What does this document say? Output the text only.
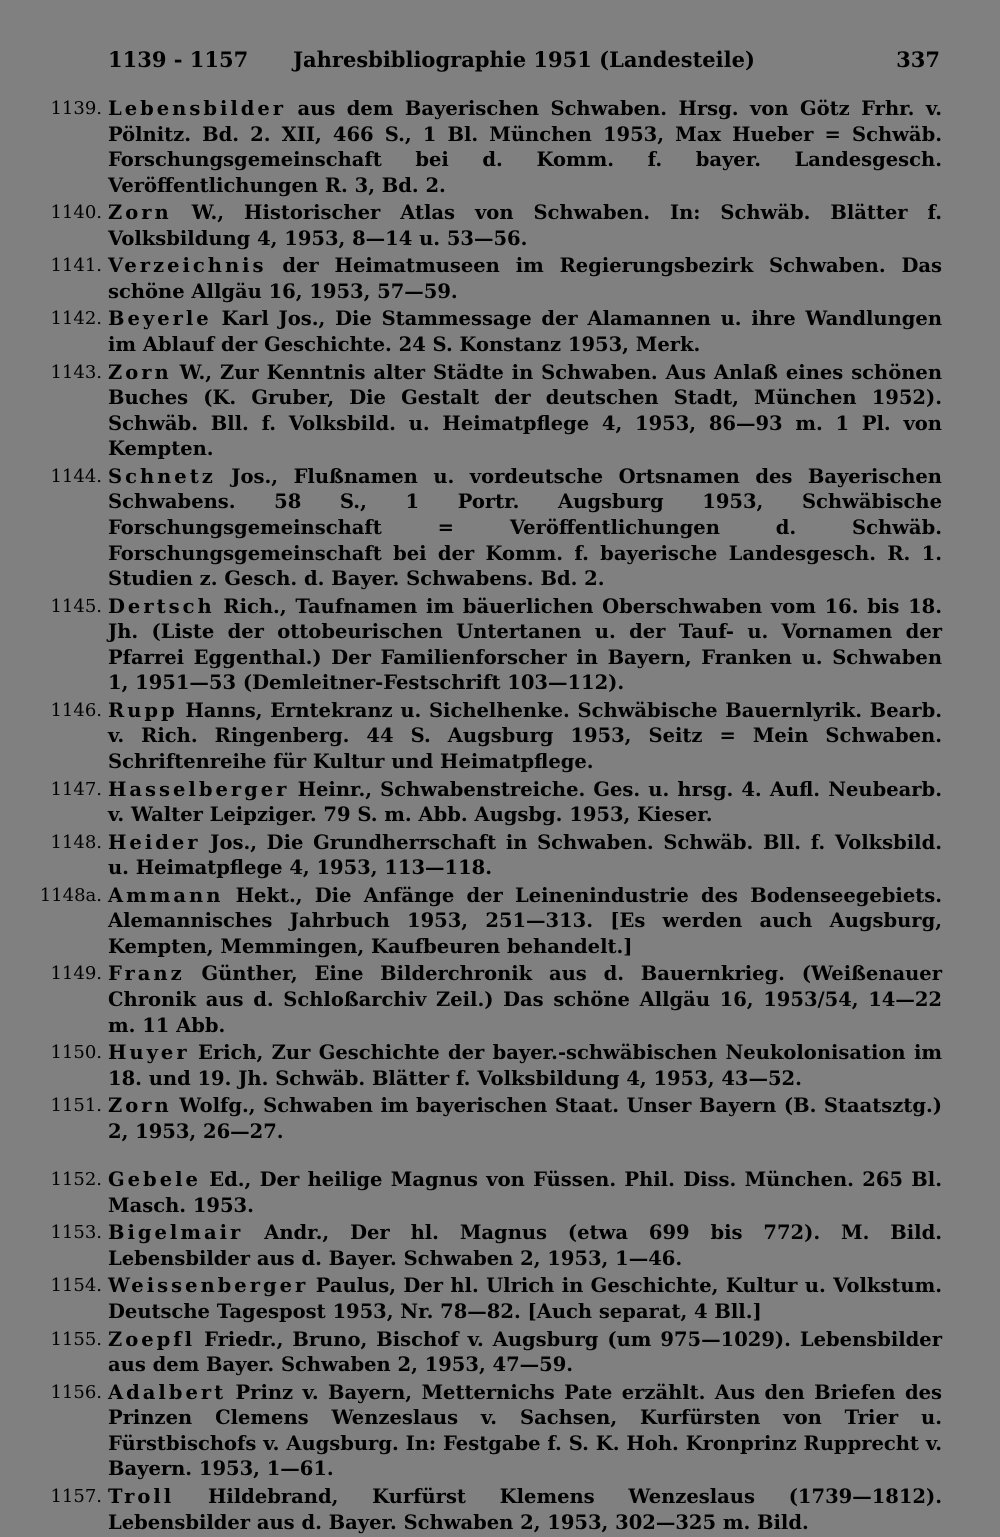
1139 - 1157	Jahresbibliographie 1951 (Landesteile)	337
1139. Lebensbilder aus dem Bayerischen Schwaben. Hrsg. von Götz Frhr. v. Pölnitz. Bd. 2. XII, 466 S., 1 Bl. München 1953, Max Hueber = Schwäb. Forschungsgemeinschaft bei d. Komm. f. bayer. Landesgesch. Veröffentlichungen R. 3, Bd. 2.
1140. Zorn W., Historischer Atlas von Schwaben. In: Schwäb. Blätter f. Volksbildung 4, 1953, 8—14 u. 53—56.
1141. Verzeichnis der Heimatmuseen im Regierungsbezirk Schwaben. Das schöne Allgäu 16, 1953, 57—59.
1142. Beyerle Karl Jos., Die Stammessage der Alamannen u. ihre Wandlungen im Ablauf der Geschichte. 24 S. Konstanz 1953, Merk.
1143. Zorn W., Zur Kenntnis alter Städte in Schwaben. Aus Anlaß eines schönen Buches (K. Gruber, Die Gestalt der deutschen Stadt, München 1952). Schwäb. Bll. f. Volksbild. u. Heimatpflege 4, 1953, 86—93 m. 1 Pl. von Kempten.
1144. Schnetz Jos., Flußnamen u. vordeutsche Ortsnamen des Bayerischen Schwabens. 58 S., 1 Portr. Augsburg 1953, Schwäbische Forschungsgemeinschaft = Veröffentlichungen d. Schwäb. Forschungsgemeinschaft bei der Komm. f. bayerische Landesgesch. R. 1. Studien z. Gesch. d. Bayer. Schwabens. Bd. 2.
1145. Dertsch Rich., Taufnamen im bäuerlichen Oberschwaben vom 16. bis 18. Jh. (Liste der ottobeurischen Untertanen u. der Tauf- u. Vornamen der Pfarrei Eggenthal.) Der Familienforscher in Bayern, Franken u. Schwaben 1, 1951—53 (Demleitner-Festschrift 103—112).
1146. Rupp Hanns, Erntekranz u. Sichelhenke. Schwäbische Bauernlyrik. Bearb. v. Rich. Ringenberg. 44 S. Augsburg 1953, Seitz = Mein Schwaben. Schriftenreihe für Kultur und Heimatpflege.
1147. Hasselberger Heinr., Schwabenstreiche. Ges. u. hrsg. 4. Aufl. Neubearb. v. Walter Leipziger. 79 S. m. Abb. Augsbg. 1953, Kieser.
1148. Heider Jos., Die Grundherrschaft in Schwaben. Schwäb. Bll. f. Volksbild. u. Heimatpflege 4, 1953, 113—118.
1148a. Ammann Hekt., Die Anfänge der Leinenindustrie des Bodenseegebiets. Alemannisches Jahrbuch 1953, 251—313. [Es werden auch Augsburg, Kempten, Memmingen, Kaufbeuren behandelt.]
1149. Franz Günther, Eine Bilderchronik aus d. Bauernkrieg. (Weißenauer Chronik aus d. Schloßarchiv Zeil.) Das schöne Allgäu 16, 1953/54, 14—22 m. 11 Abb.
1150. Huyer Erich, Zur Geschichte der bayer.-schwäbischen Neukolonisation im 18. und 19. Jh. Schwäb. Blätter f. Volksbildung 4, 1953, 43—52.
1151. Zorn Wolfg., Schwaben im bayerischen Staat. Unser Bayern (B. Staatsztg.) 2, 1953, 26—27.
1152. Gebele Ed., Der heilige Magnus von Füssen. Phil. Diss. München. 265 Bl. Masch. 1953.
1153. Bigelmair Andr., Der hl. Magnus (etwa 699 bis 772). M. Bild. Lebensbilder aus d. Bayer. Schwaben 2, 1953, 1—46.
1154. Weissenberger Paulus, Der hl. Ulrich in Geschichte, Kultur u. Volkstum. Deutsche Tagespost 1953, Nr. 78—82. [Auch separat, 4 Bll.]
1155. Zoepfl Friedr., Bruno, Bischof v. Augsburg (um 975—1029). Lebensbilder aus dem Bayer. Schwaben 2, 1953, 47—59.
1156. Adalbert Prinz v. Bayern, Metternichs Pate erzählt. Aus den Briefen des Prinzen Clemens Wenzeslaus v. Sachsen, Kurfürsten von Trier u. Fürstbischofs v. Augsburg. In: Festgabe f. S. K. Hoh. Kronprinz Rupprecht v. Bayern. 1953, 1—61.
1157. Troll Hildebrand, Kurfürst Klemens Wenzeslaus (1739—1812). Lebensbilder aus d. Bayer. Schwaben 2, 1953, 302—325 m. Bild.
